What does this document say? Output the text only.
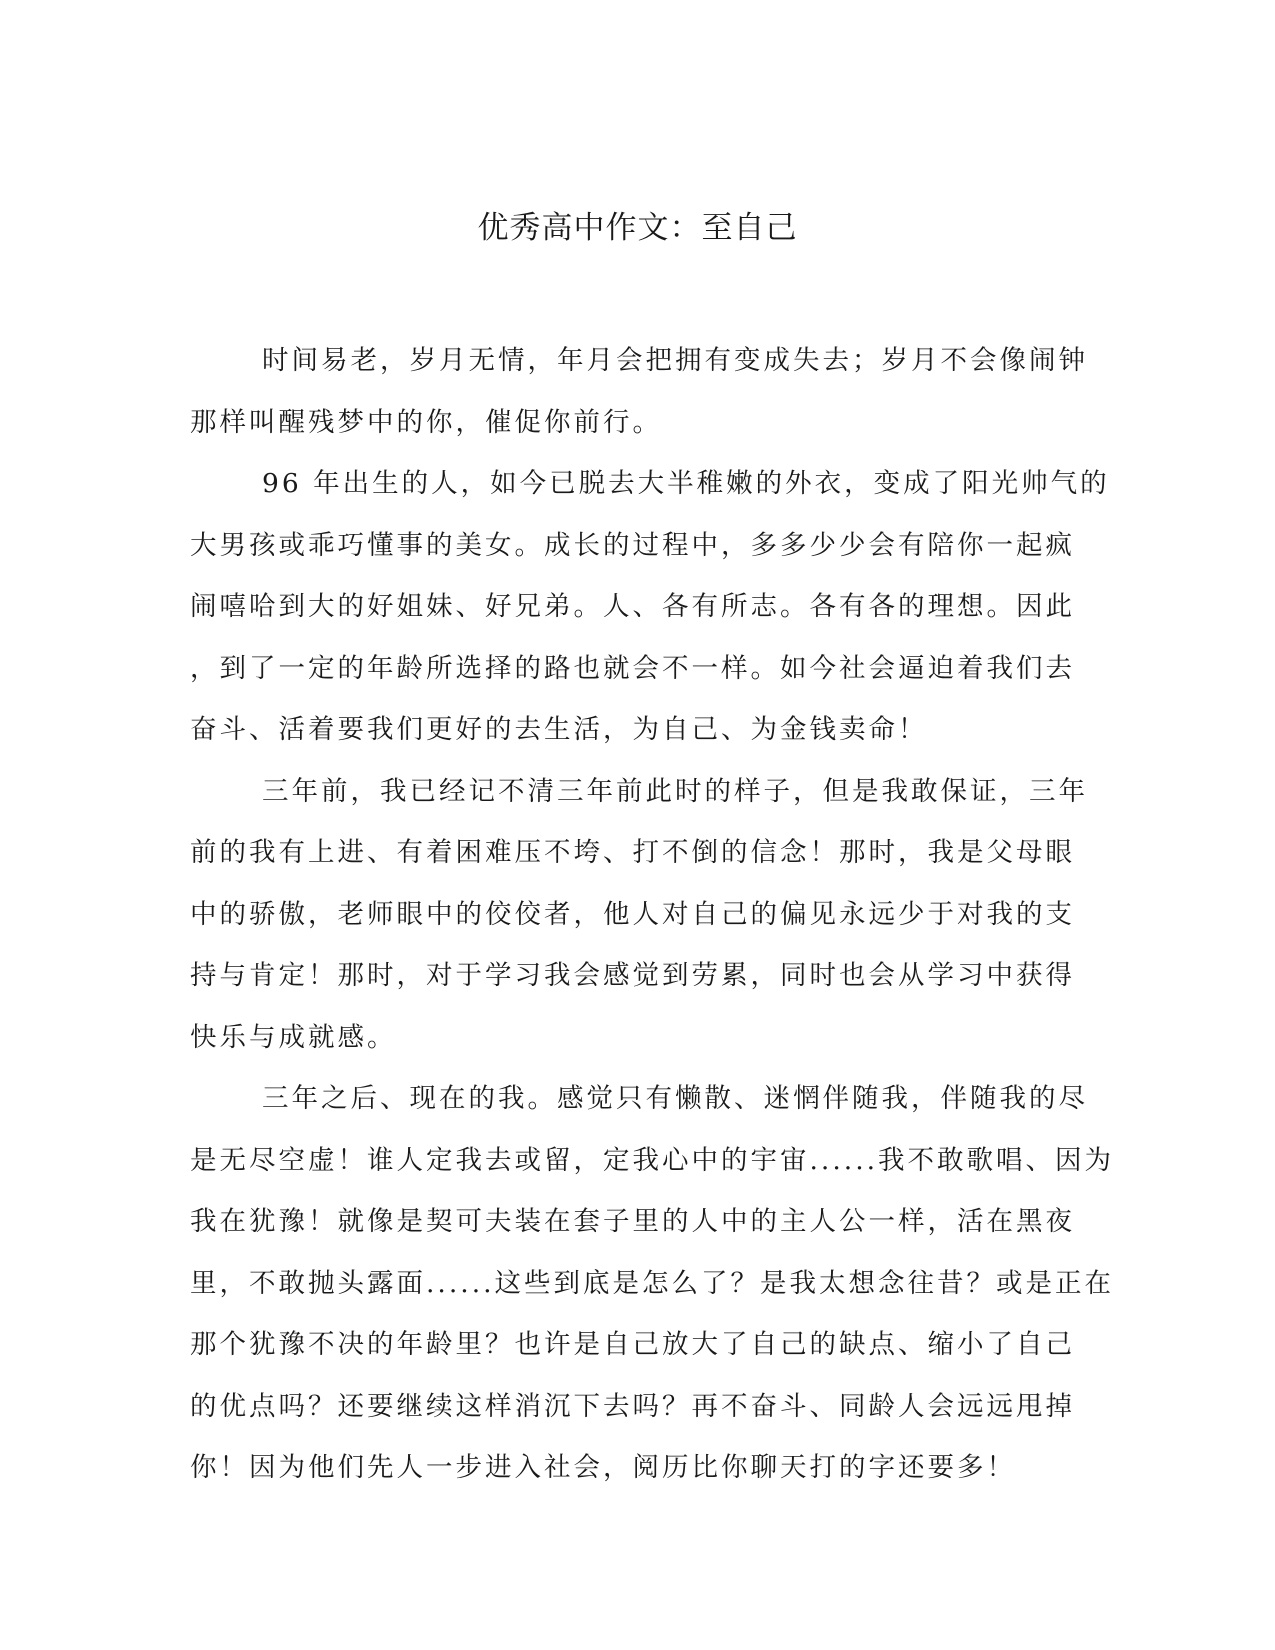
优秀高中作文：至自己
时间易老，岁月无情，年月会把拥有变成失去；岁月不会像闹钟
那样叫醒残梦中的你，催促你前行。
96 年出生的人，如今已脱去大半稚嫩的外衣，变成了阳光帅气的
大男孩或乖巧懂事的美女。成长的过程中，多多少少会有陪你一起疯
闹嘻哈到大的好姐妹、好兄弟。人、各有所志。各有各的理想。因此
，到了一定的年龄所选择的路也就会不一样。如今社会逼迫着我们去
奋斗、活着要我们更好的去生活，为自己、为金钱卖命！
三年前，我已经记不清三年前此时的样子，但是我敢保证，三年
前的我有上进、有着困难压不垮、打不倒的信念！那时，我是父母眼
中的骄傲，老师眼中的佼佼者，他人对自己的偏见永远少于对我的支
持与肯定！那时，对于学习我会感觉到劳累，同时也会从学习中获得
快乐与成就感。
三年之后、现在的我。感觉只有懒散、迷惘伴随我，伴随我的尽
是无尽空虚！谁人定我去或留，定我心中的宇宙......我不敢歌唱、因为
我在犹豫！就像是契可夫装在套子里的人中的主人公一样，活在黑夜
里，不敢抛头露面......这些到底是怎么了？是我太想念往昔？或是正在
那个犹豫不决的年龄里？也许是自己放大了自己的缺点、缩小了自己
的优点吗？还要继续这样消沉下去吗？再不奋斗、同龄人会远远甩掉
你！因为他们先人一步进入社会，阅历比你聊天打的字还要多！
